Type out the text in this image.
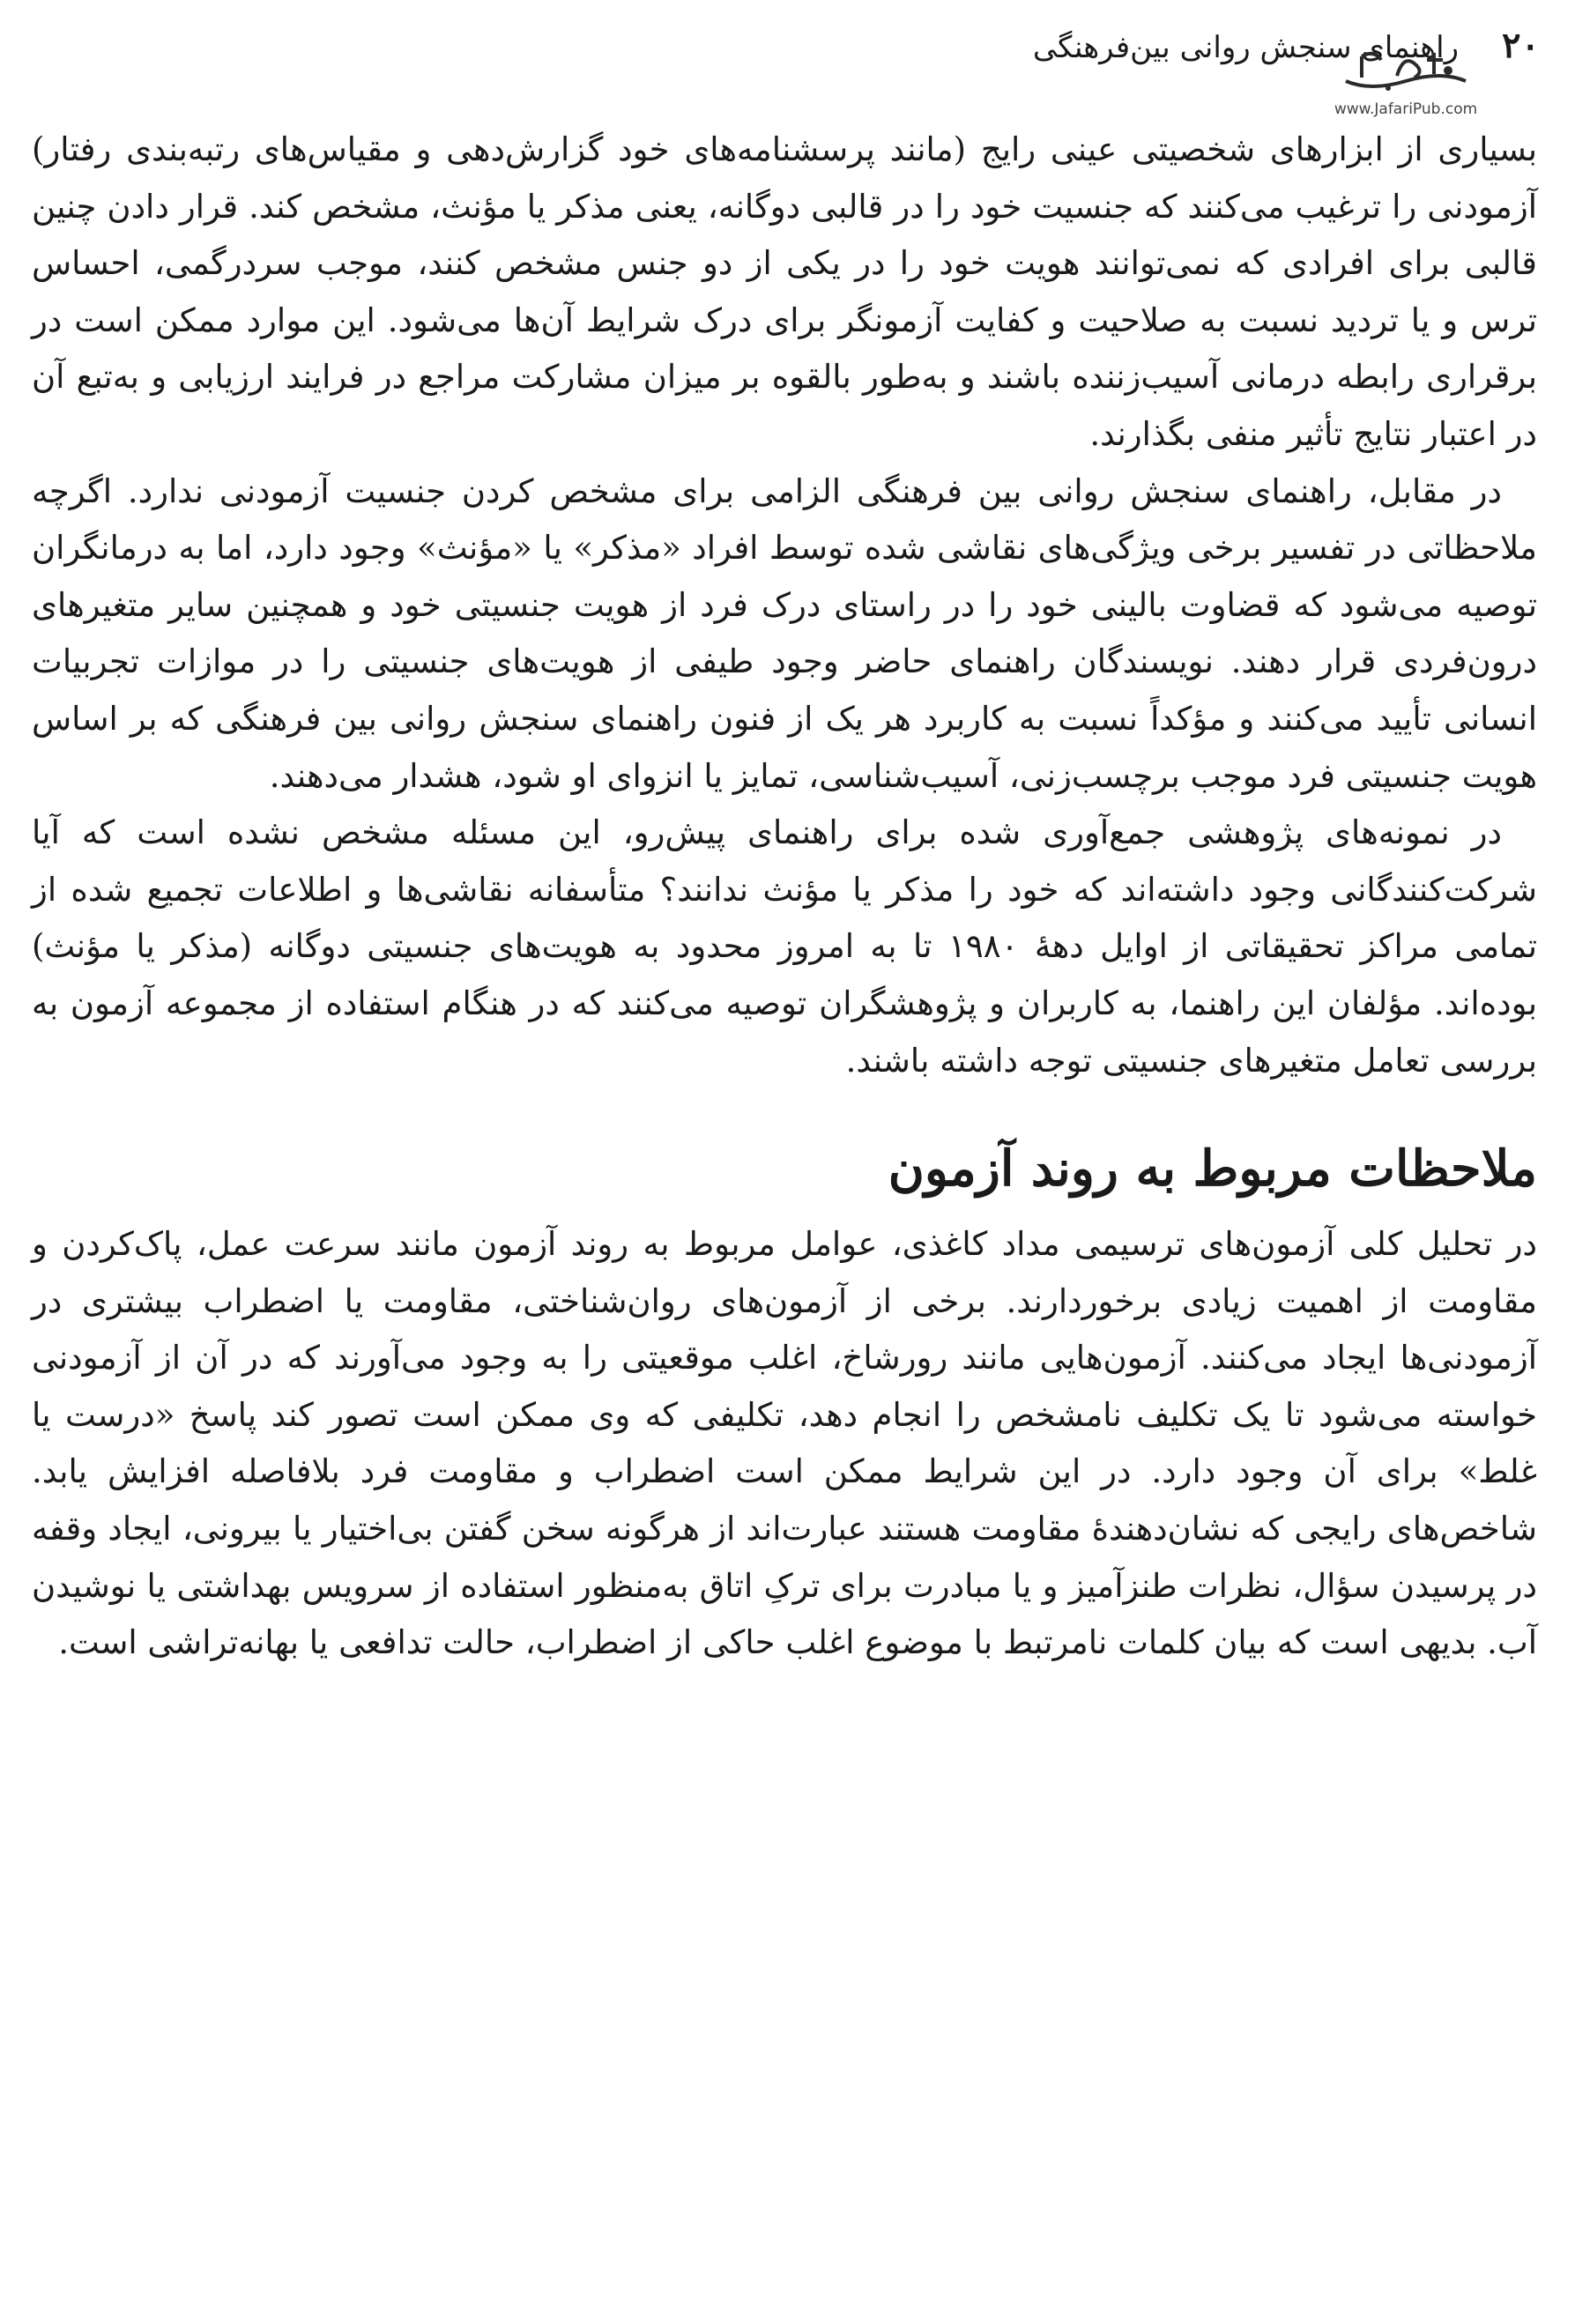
۲۰
راهنمای سنجش روانی بین‌فرهنگی
www.JafariPub.com

بسیاری از ابزارهای شخصیتی عینی رایج (مانند پرسشنامه‌های خود گزارش‌دهی و مقیاس‌های رتبه‌بندی رفتار) آزمودنی را ترغیب می‌کنند که جنسیت خود را در قالبی دوگانه، یعنی مذکر یا مؤنث، مشخص کند. قرار دادن چنین قالبی برای افرادی که نمی‌توانند هویت خود را در یکی از دو جنس مشخص کنند، موجب سردرگمی، احساس ترس و یا تردید نسبت به صلاحیت و کفایت آزمونگر برای درک شرایط آن‌ها می‌شود. این موارد ممکن است در برقراری رابطه درمانی آسیب‌زننده باشند و به‌طور بالقوه بر میزان مشارکت مراجع در فرایند ارزیابی و به‌تبع آن در اعتبار نتایج تأثیر منفی بگذارند.

در مقابل، راهنمای سنجش روانی بین فرهنگی الزامی برای مشخص کردن جنسیت آزمودنی ندارد. اگرچه ملاحظاتی در تفسیر برخی ویژگی‌های نقاشی شده توسط افراد «مذکر» یا «مؤنث» وجود دارد، اما به درمانگران توصیه می‌شود که قضاوت بالینی خود را در راستای درک فرد از هویت جنسیتی خود و همچنین سایر متغیرهای درون‌فردی قرار دهند. نویسندگان راهنمای حاضر وجود طیفی از هویت‌های جنسیتی را در موازات تجربیات انسانی تأیید می‌کنند و مؤکداً نسبت به کاربرد هر یک از فنون راهنمای سنجش روانی بین فرهنگی که بر اساس هویت جنسیتی فرد موجب برچسب‌زنی، آسیب‌شناسی، تمایز یا انزوای او شود، هشدار می‌دهند.

در نمونه‌های پژوهشی جمع‌آوری شده برای راهنمای پیش‌رو، این مسئله مشخص نشده است که آیا شرکت‌کنندگانی وجود داشته‌اند که خود را مذکر یا مؤنث ندانند؟ متأسفانه نقاشی‌ها و اطلاعات تجمیع شده از تمامی مراکز تحقیقاتی از اوایل دههٔ ۱۹۸۰ تا به امروز محدود به هویت‌های جنسیتی دوگانه (مذکر یا مؤنث) بوده‌اند. مؤلفان این راهنما، به کاربران و پژوهشگران توصیه می‌کنند که در هنگام استفاده از مجموعه آزمون به بررسی تعامل متغیرهای جنسیتی توجه داشته باشند.

ملاحظات مربوط به روند آزمون

در تحلیل کلی آزمون‌های ترسیمی مداد کاغذی، عوامل مربوط به روند آزمون مانند سرعت عمل، پاک‌کردن و مقاومت از اهمیت زیادی برخوردارند. برخی از آزمون‌های روان‌شناختی، مقاومت یا اضطراب بیشتری در آزمودنی‌ها ایجاد می‌کنند. آزمون‌هایی مانند رورشاخ، اغلب موقعیتی را به وجود می‌آورند که در آن از آزمودنی خواسته می‌شود تا یک تکلیف نامشخص را انجام دهد، تکلیفی که وی ممکن است تصور کند پاسخ «درست یا غلط» برای آن وجود دارد. در این شرایط ممکن است اضطراب و مقاومت فرد بلافاصله افزایش یابد. شاخص‌های رایجی که نشان‌دهندهٔ مقاومت هستند عبارت‌اند از هرگونه سخن گفتن بی‌اختیار یا بیرونی، ایجاد وقفه در پرسیدن سؤال، نظرات طنزآمیز و یا مبادرت برای ترکِ اتاق به‌منظور استفاده از سرویس بهداشتی یا نوشیدن آب. بدیهی است که بیان کلمات نامرتبط با موضوع اغلب حاکی از اضطراب، حالت تدافعی یا بهانه‌تراشی است.
